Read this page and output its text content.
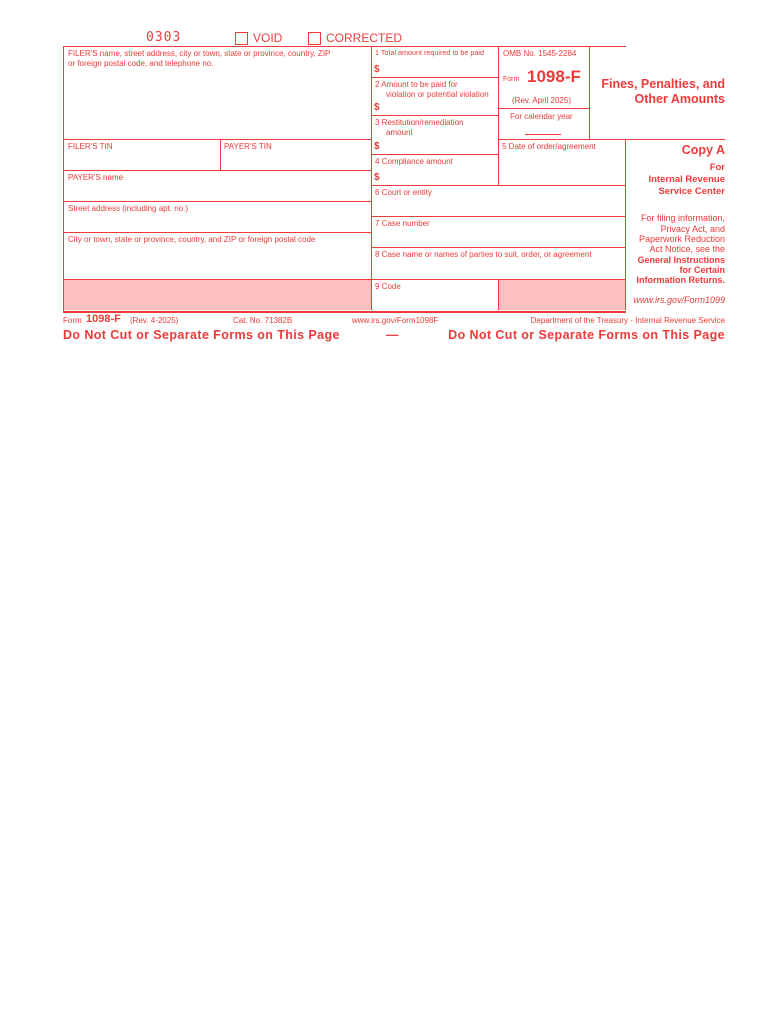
0303	VOID	CORRECTED
FILER'S name, street address, city or town, state or province, country, ZIP
or foreign postal code, and telephone no.
FILER'S TIN	PAYER'S TIN
PAYER'S name
Street address (including apt. no.)
City or town, state or province, country, and ZIP or foreign postal code
1 Total amount required to be paid
$
2 Amount to be paid for
violation or potential violation
$
3 Restitution/remediation
amount
$
4 Compliance amount
$
5 Date of order/agreement
6 Court or entity
7 Case number
8 Case name or names of parties to suit, order, or agreement
9 Code
OMB No. 1545-2284
Form 1098-F
(Rev. April 2025)
For calendar year
Fines, Penalties, and
Other Amounts
Copy A
For
Internal Revenue
Service Center
For filing information,
Privacy Act, and
Paperwork Reduction
Act Notice, see the
General Instructions
for Certain
Information Returns.
www.irs.gov/Form1099
Form 1098-F (Rev. 4-2025)	Cat. No. 71382B	www.irs.gov/Form1098F	Department of the Treasury - Internal Revenue Service
Do Not Cut or Separate Forms on This Page	—	Do Not Cut or Separate Forms on This Page
